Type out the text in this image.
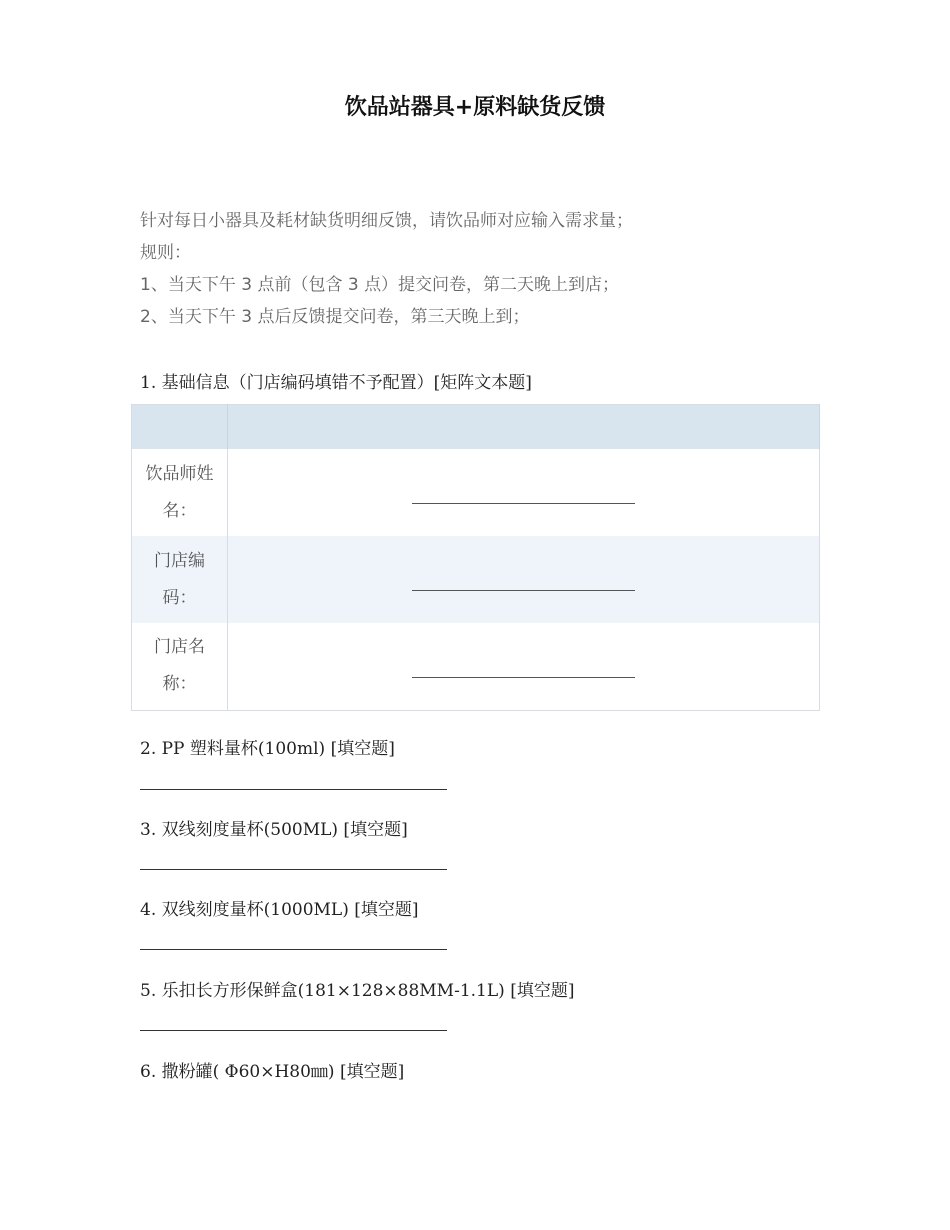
饮品站器具+原料缺货反馈
针对每日小器具及耗材缺货明细反馈，请饮品师对应输入需求量；
规则：
1、当天下午 3 点前（包含 3 点）提交问卷，第二天晚上到店；
2、当天下午 3 点后反馈提交问卷，第三天晚上到；
1. 基础信息（门店编码填错不予配置）[矩阵文本题]

饮品师姓名：	
门店编码：	
门店名称：	
2. PP 塑料量杯(100ml) [填空题]
3. 双线刻度量杯(500ML) [填空题]
4. 双线刻度量杯(1000ML) [填空题]
5. 乐扣长方形保鲜盒(181×128×88MM-1.1L) [填空题]
6. 撒粉罐( Φ60×H80㎜) [填空题]
